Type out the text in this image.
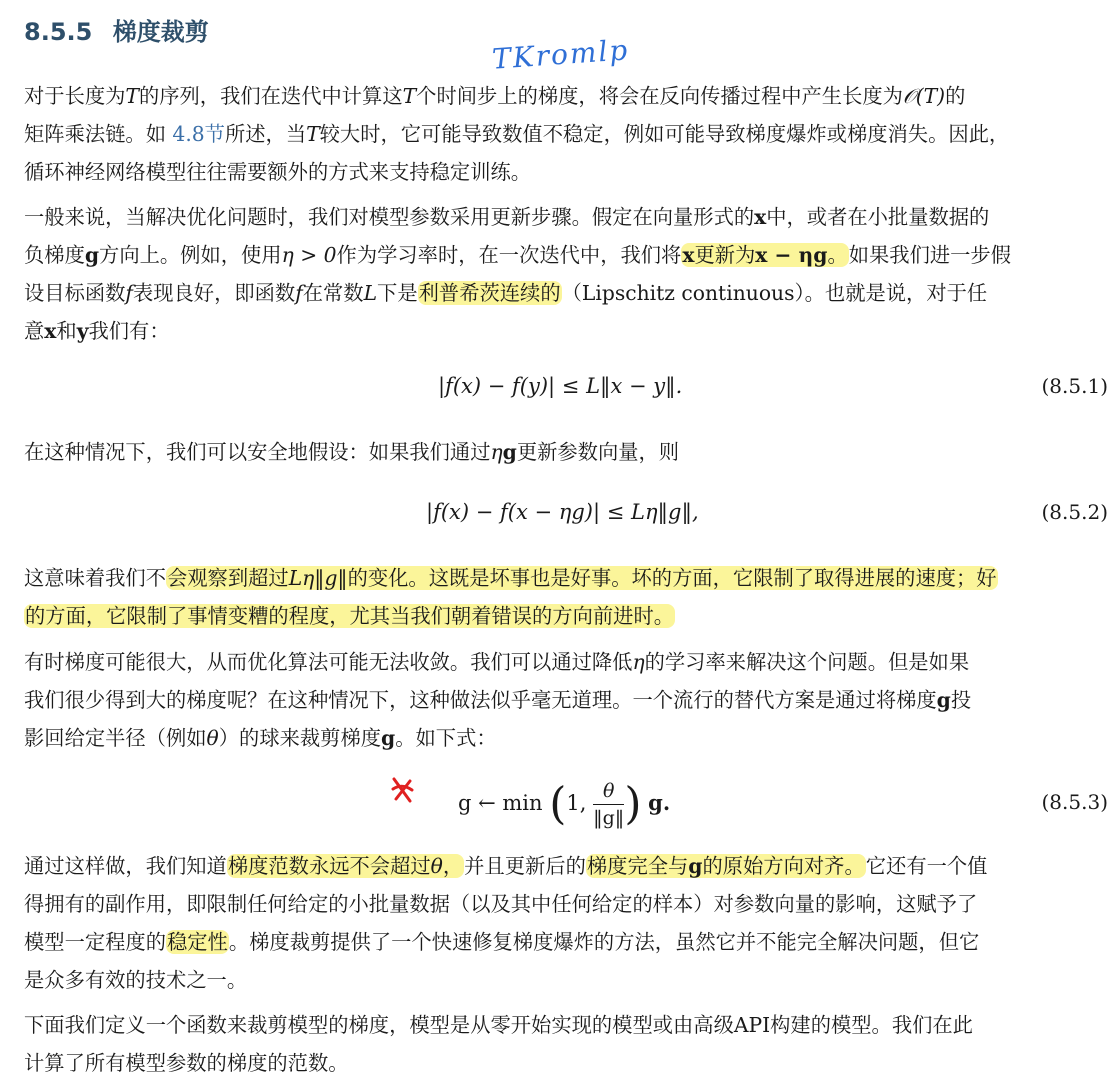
8.5.5 梯度裁剪
TKromlp
对于长度为T的序列，我们在迭代中计算这T个时间步上的梯度，将会在反向传播过程中产生长度为𝒪(T)的
矩阵乘法链。如 4.8节所述，当T较大时，它可能导致数值不稳定，例如可能导致梯度爆炸或梯度消失。因此，
循环神经网络模型往往需要额外的方式来支持稳定训练。
一般来说，当解决优化问题时，我们对模型参数采用更新步骤。假定在向量形式的x中，或者在小批量数据的
负梯度g方向上。例如，使用η > 0作为学习率时，在一次迭代中，我们将x更新为x − ηg。如果我们进一步假
设目标函数f表现良好，即函数f在常数L下是利普希茨连续的（Lipschitz continuous）。也就是说，对于任
意x和y我们有：
|f(x) − f(y)| ≤ L‖x − y‖.	(8.5.1)
在这种情况下，我们可以安全地假设：如果我们通过ηg更新参数向量，则
|f(x) − f(x − ηg)| ≤ Lη‖g‖,	(8.5.2)
这意味着我们不会观察到超过Lη‖g‖的变化。这既是坏事也是好事。坏的方面，它限制了取得进展的速度；好
的方面，它限制了事情变糟的程度，尤其当我们朝着错误的方向前进时。
有时梯度可能很大，从而优化算法可能无法收敛。我们可以通过降低η的学习率来解决这个问题。但是如果
我们很少得到大的梯度呢？在这种情况下，这种做法似乎毫无道理。一个流行的替代方案是通过将梯度g投
影回给定半径（例如θ）的球来裁剪梯度g。如下式：
g ← min (1, $\frac{\theta}{‖g‖}$ ) g.	(8.5.3)
通过这样做，我们知道梯度范数永远不会超过θ，并且更新后的梯度完全与g的原始方向对齐。它还有一个值
得拥有的副作用，即限制任何给定的小批量数据（以及其中任何给定的样本）对参数向量的影响，这赋予了
模型一定程度的稳定性。梯度裁剪提供了一个快速修复梯度爆炸的方法，虽然它并不能完全解决问题，但它
是众多有效的技术之一。
下面我们定义一个函数来裁剪模型的梯度，模型是从零开始实现的模型或由高级API构建的模型。我们在此
计算了所有模型参数的梯度的范数。
